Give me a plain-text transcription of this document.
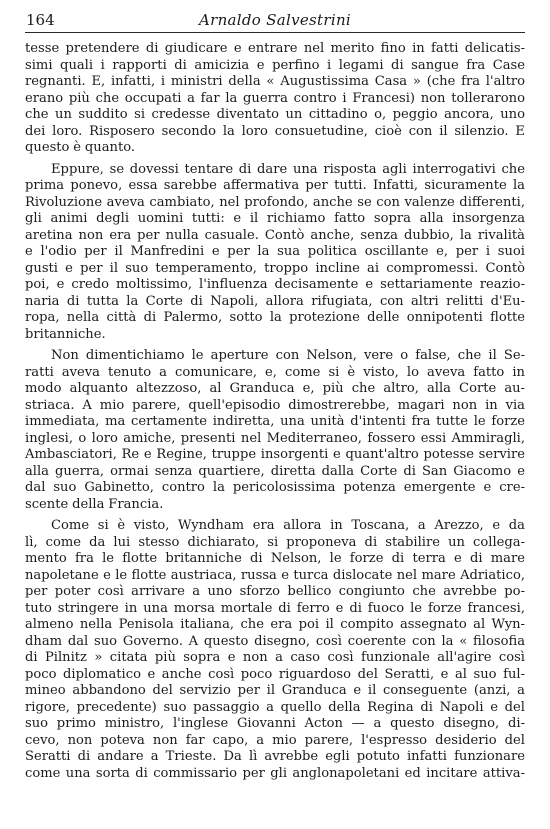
164	Arnaldo Salvestrini

tesse pretendere di giudicare e entrare nel merito fino in fatti delicatis-
simi quali i rapporti di amicizia e perfino i legami di sangue fra Case
regnanti. E, infatti, i ministri della « Augustissima Casa » (che fra l'altro
erano più che occupati a far la guerra contro i Francesi) non tollerarono
che un suddito si credesse diventato un cittadino o, peggio ancora, uno
dei loro. Risposero secondo la loro consuetudine, cioè con il silenzio. E
questo è quanto.

Eppure, se dovessi tentare di dare una risposta agli interrogativi che
prima ponevo, essa sarebbe affermativa per tutti. Infatti, sicuramente la
Rivoluzione aveva cambiato, nel profondo, anche se con valenze differenti,
gli animi degli uomini tutti: e il richiamo fatto sopra alla insorgenza
aretina non era per nulla casuale. Contò anche, senza dubbio, la rivalità
e l'odio per il Manfredini e per la sua politica oscillante e, per i suoi
gusti e per il suo temperamento, troppo incline ai compromessi. Contò
poi, e credo moltissimo, l'influenza decisamente e settariamente reazio-
naria di tutta la Corte di Napoli, allora rifugiata, con altri relitti d'Eu-
ropa, nella città di Palermo, sotto la protezione delle onnipotenti flotte
britanniche.

Non dimentichiamo le aperture con Nelson, vere o false, che il Se-
ratti aveva tenuto a comunicare, e, come si è visto, lo aveva fatto in
modo alquanto altezzoso, al Granduca e, più che altro, alla Corte au-
striaca. A mio parere, quell'episodio dimostrerebbe, magari non in via
immediata, ma certamente indiretta, una unità d'intenti fra tutte le forze
inglesi, o loro amiche, presenti nel Mediterraneo, fossero essi Ammiragli,
Ambasciatori, Re e Regine, truppe insorgenti e quant'altro potesse servire
alla guerra, ormai senza quartiere, diretta dalla Corte di San Giacomo e
dal suo Gabinetto, contro la pericolosissima potenza emergente e cre-
scente della Francia.

Come si è visto, Wyndham era allora in Toscana, a Arezzo, e da
lì, come da lui stesso dichiarato, si proponeva di stabilire un collega-
mento fra le flotte britanniche di Nelson, le forze di terra e di mare
napoletane e le flotte austriaca, russa e turca dislocate nel mare Adriatico,
per poter così arrivare a uno sforzo bellico congiunto che avrebbe po-
tuto stringere in una morsa mortale di ferro e di fuoco le forze francesi,
almeno nella Penisola italiana, che era poi il compito assegnato al Wyn-
dham dal suo Governo. A questo disegno, così coerente con la « filosofia
di Pilnitz » citata più sopra e non a caso così funzionale all'agire così
poco diplomatico e anche così poco riguardoso del Seratti, e al suo ful-
mineo abbandono del servizio per il Granduca e il conseguente (anzi, a
rigore, precedente) suo passaggio a quello della Regina di Napoli e del
suo primo ministro, l'inglese Giovanni Acton — a questo disegno, di-
cevo, non poteva non far capo, a mio parere, l'espresso desiderio del
Seratti di andare a Trieste. Da lì avrebbe egli potuto infatti funzionare
come una sorta di commissario per gli anglonapoletani ed incitare attiva-
